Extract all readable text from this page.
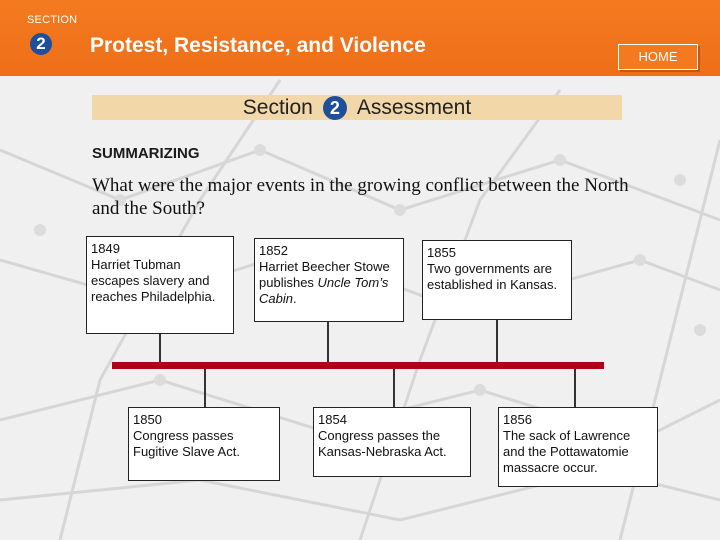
SECTION
2 Protest, Resistance, and Violence	HOME
Section 2 Assessment
SUMMARIZING
What were the major events in the growing conflict between the North and the South?
1849
Harriet Tubman escapes slavery and reaches Philadelphia.
1852
Harriet Beecher Stowe publishes Uncle Tom’s Cabin.
1855
Two governments are established in Kansas.
1850
Congress passes Fugitive Slave Act.
1854
Congress passes the Kansas-Nebraska Act.
1856
The sack of Lawrence and the Pottawatomie massacre occur.
